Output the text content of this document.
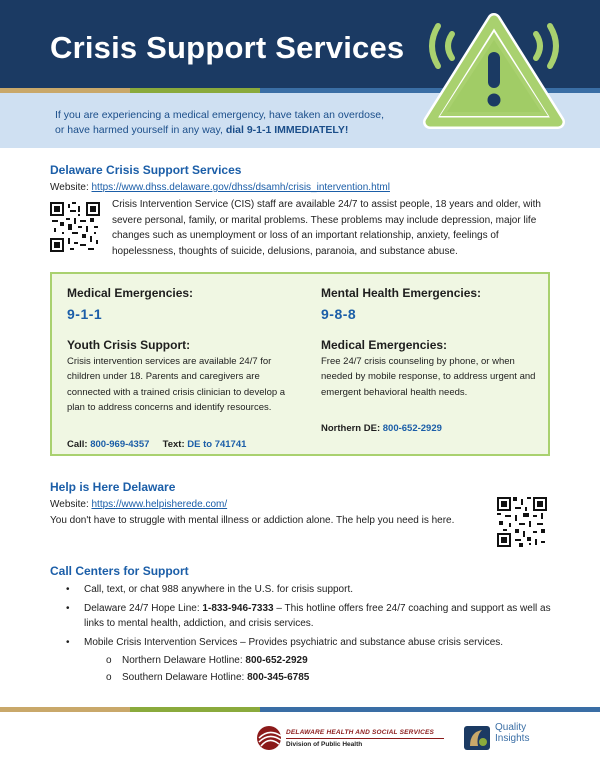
Crisis Support Services
If you are experiencing a medical emergency, have taken an overdose,
or have harmed yourself in any way, dial 9-1-1 IMMEDIATELY!
Delaware Crisis Support Services
Website: https://www.dhss.delaware.gov/dhss/dsamh/crisis_intervention.html
Crisis Intervention Service (CIS) staff are available 24/7 to assist people, 18 years and older, with severe personal, family, or marital problems. These problems may include depression, major life changes such as unemployment or loss of an important relationship, anxiety, feelings of hopelessness, thoughts of suicide, delusions, paranoia, and substance abuse.
Medical Emergencies:
9-1-1
Mental Health Emergencies:
9-8-8
Youth Crisis Support:
Crisis intervention services are available 24/7 for children under 18. Parents and caregivers are connected with a trained crisis clinician to develop a plan to address concerns and identify resources.
Call: 800-969-4357 Text: DE to 741741
Medical Emergencies:
Free 24/7 crisis counseling by phone, or when needed by mobile response, to address urgent and emergent behavioral health needs.
Northern DE: 800-652-2929
Help is Here Delaware
Website: https://www.helpisherede.com/
You don't have to struggle with mental illness or addiction alone. The help you need is here.
Call Centers for Support
• Call, text, or chat 988 anywhere in the U.S. for crisis support.
• Delaware 24/7 Hope Line: 1-833-946-7333 – This hotline offers free 24/7 coaching and support as well as links to mental health, addiction, and crisis services.
• Mobile Crisis Intervention Services – Provides psychiatric and substance abuse crisis services.
o Northern Delaware Hotline: 800-652-2929
o Southern Delaware Hotline: 800-345-6785
DELAWARE HEALTH AND SOCIAL SERVICES
Division of Public Health
Quality
Insights
